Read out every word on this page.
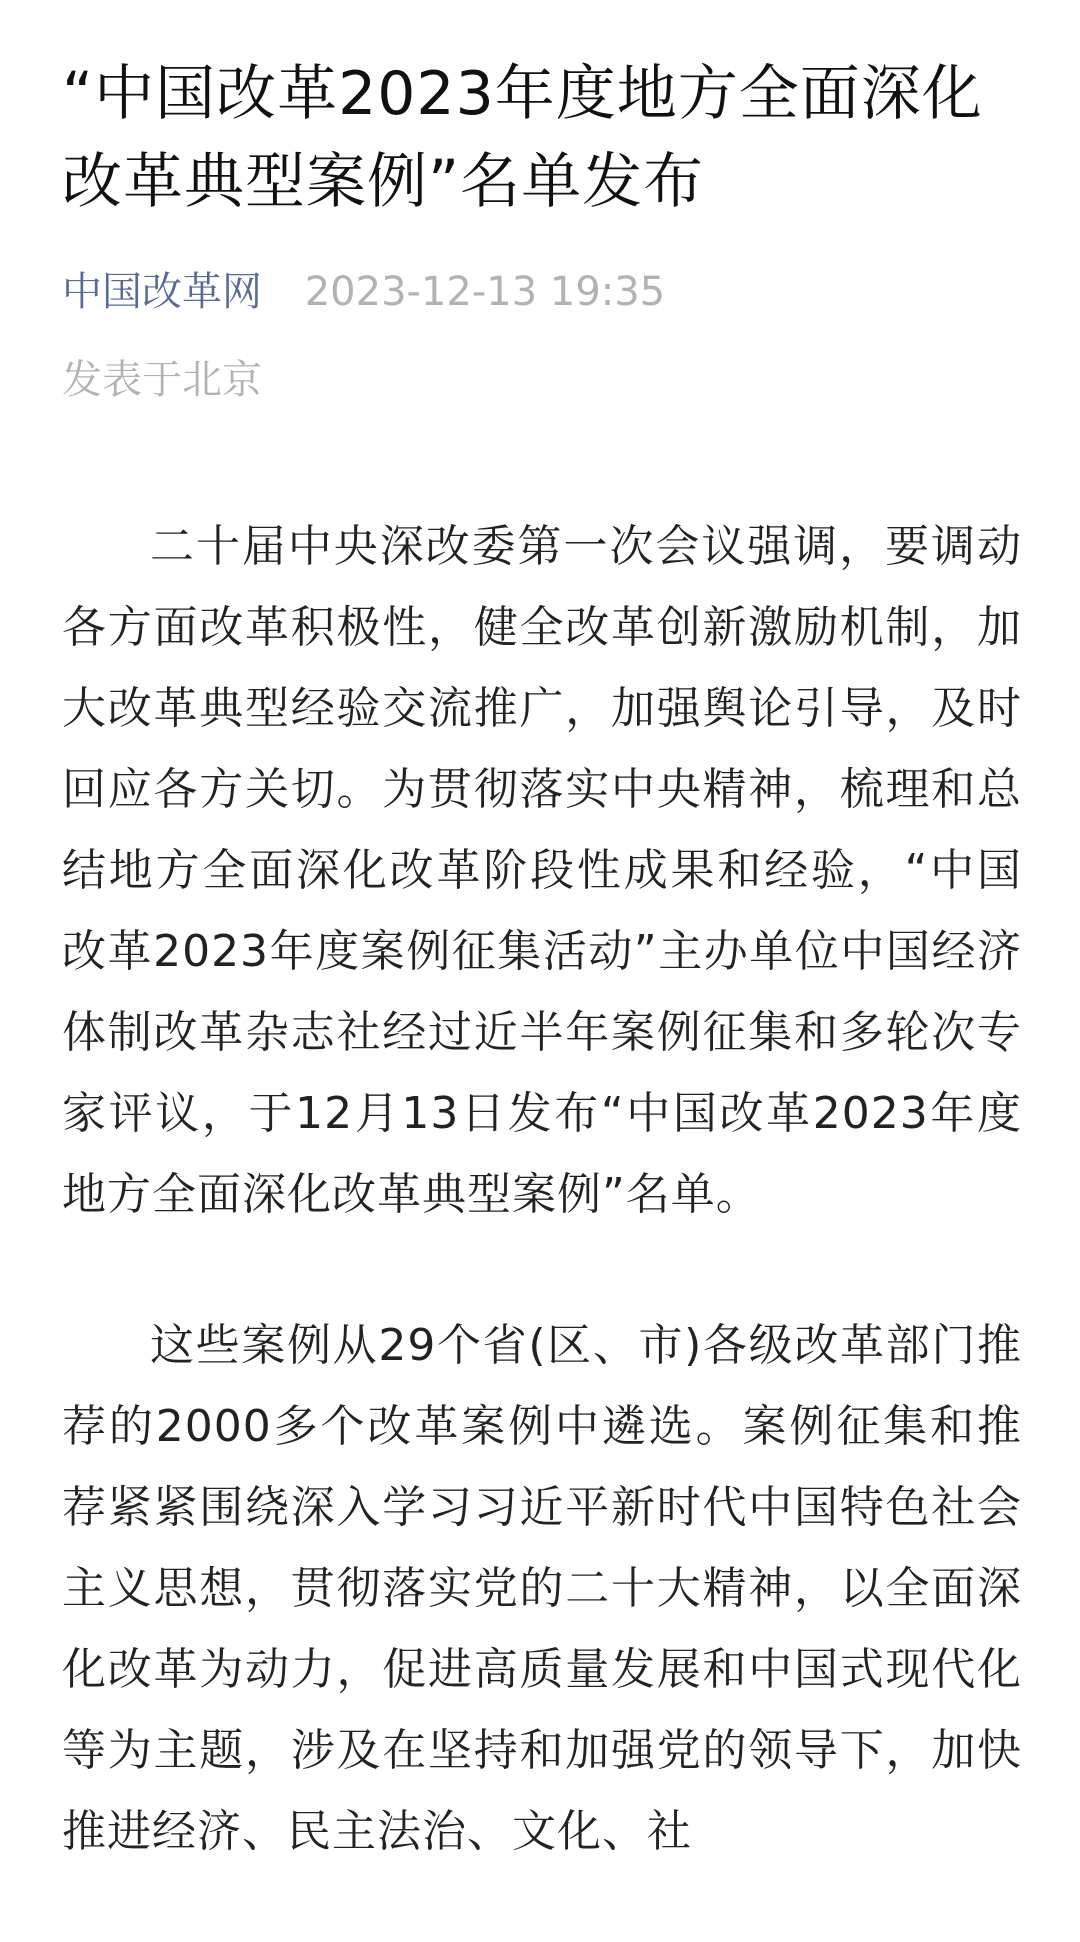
“中国改革2023年度地方全面深化改革典型案例”名单发布
中国改革网 2023-12-13 19:35
发表于北京

二十届中央深改委第一次会议强调，要调动各方面改革积极性，健全改革创新激励机制，加大改革典型经验交流推广，加强舆论引导，及时回应各方关切。为贯彻落实中央精神，梳理和总结地方全面深化改革阶段性成果和经验，“中国改革2023年度案例征集活动”主办单位中国经济体制改革杂志社经过近半年案例征集和多轮次专家评议，于12月13日发布“中国改革2023年度地方全面深化改革典型案例”名单。

这些案例从29个省(区、市)各级改革部门推荐的2000多个改革案例中遴选。案例征集和推荐紧紧围绕深入学习习近平新时代中国特色社会主义思想，贯彻落实党的二十大精神，以全面深化改革为动力，促进高质量发展和中国式现代化等为主题，涉及在坚持和加强党的领导下，加快推进经济、民主法治、文化、社
